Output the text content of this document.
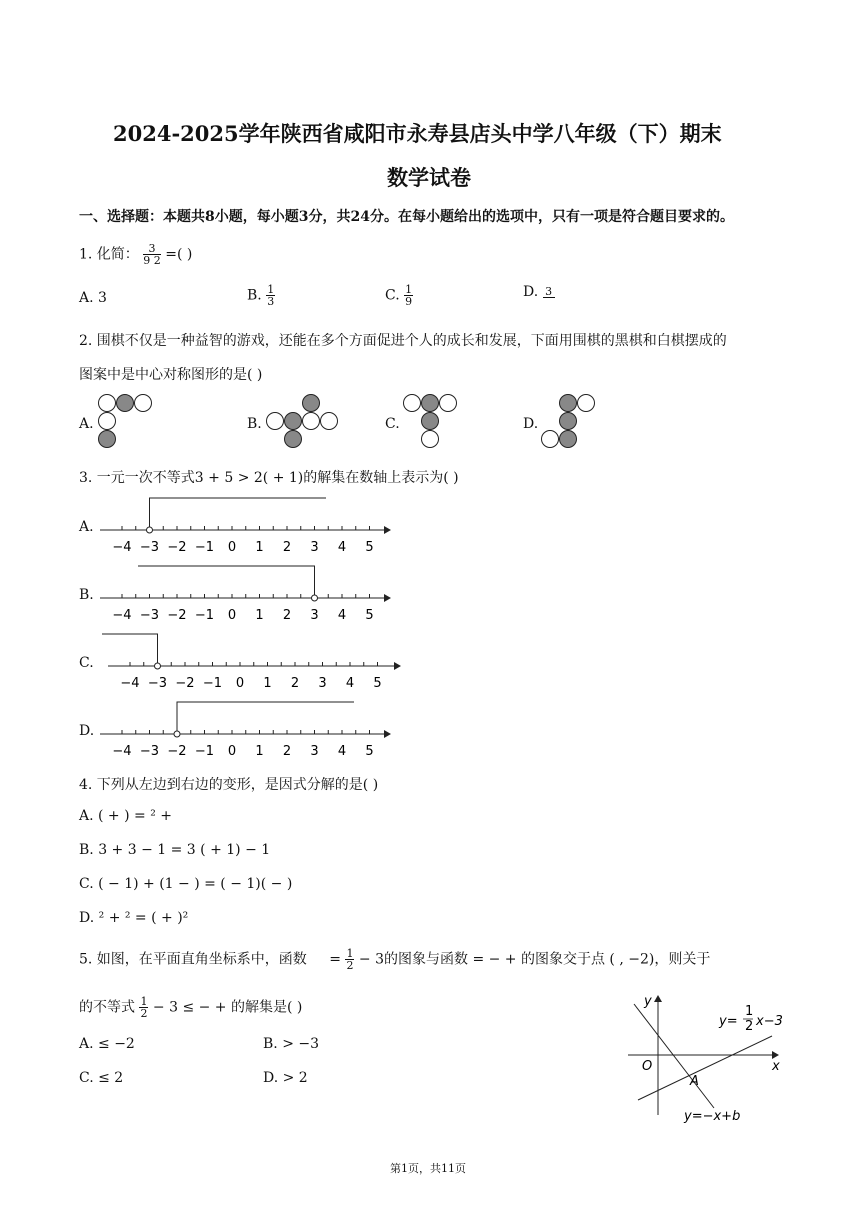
2024-2025学年陕西省咸阳市永寿县店头中学八年级（下）期末
数学试卷
一、选择题：本题共8小题，每小题3分，共24分。在每小题给出的选项中，只有一项是符合题目要求的。
1. 化简： $\frac{3}{9 2}$ =( )
A. 3	B. $\frac{1}{3}$	C. $\frac{1}{9}$	D. 3
2. 围棋不仅是一种益智的游戏，还能在多个方面促进个人的成长和发展，下面用围棋的黑棋和白棋摆成的
图案中是中心对称图形的是( )
A.	B.	C.	D.
3. 一元一次不等式3 + 5 > 2( + 1)的解集在数轴上表示为( )
A.
B.
C.
D.
−4 −3 −2 −1 0 1 2 3 4 5
−4 −3 −2 −1 0 1 2 3 4 5
−4 −3 −2 −1 0 1 2 3 4 5
−4 −3 −2 −1 0 1 2 3 4 5
4. 下列从左边到右边的变形，是因式分解的是( )
A. ( + ) = ² +
B. 3 + 3 − 1 = 3 ( + 1) − 1
C. ( − 1) + (1 − ) = ( − 1)( − )
D. ² + ² = ( + )²
5. 如图，在平面直角坐标系中，函数 = $\frac{1}{2} - 3$的图象与函数 = − + 的图象交于点 ( , −2)，则关于
的不等式 $\frac{1}{2} - 3$ ≤ − + 的解集是( )
A. ≤ −2	B. > −3
C. ≤ 2	D. > 2
y
x
O
A
y=
1
2 x−3
y=−x+b
第1页，共11页
